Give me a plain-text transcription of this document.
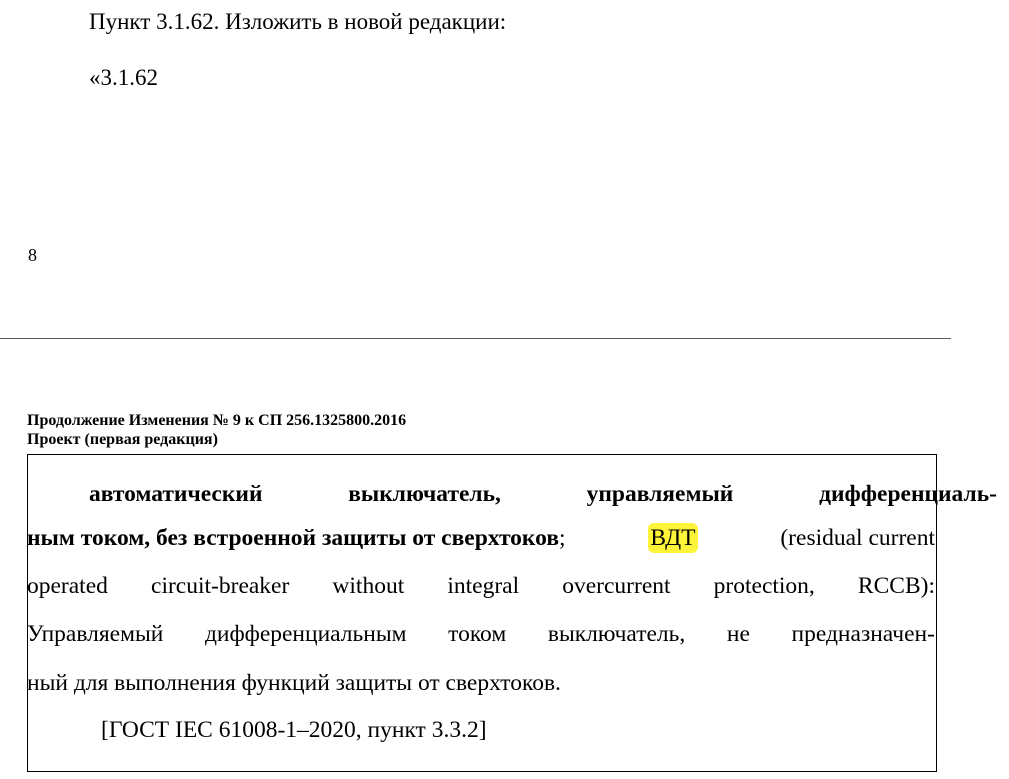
Пункт 3.1.62. Изложить в новой редакции:
«3.1.62
8
Продолжение Изменения № 9 к СП 256.1325800.2016
Проект (первая редакция)
автоматический	выключатель,	управляемый	дифференциаль-
ным током, без встроенной защиты от сверхтоков;	ВДТ	(residual current
operated circuit-breaker without integral overcurrent protection, RCCB):
Управляемый дифференциальным током выключатель, не предназначен-
ный для выполнения функций защиты от сверхтоков.
[ГОСТ IEC 61008-1–2020, пункт 3.3.2]
